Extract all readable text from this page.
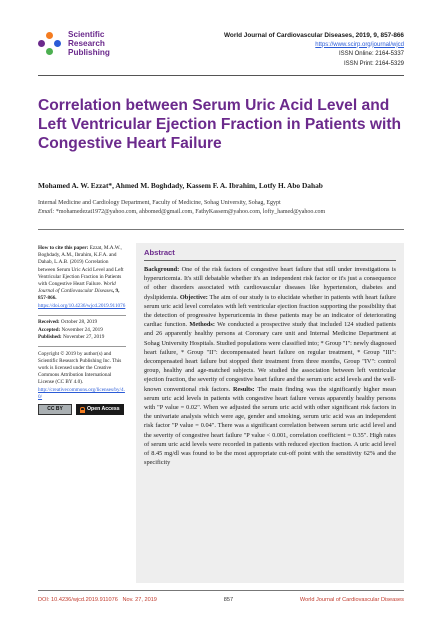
Scientific
Research
Publishing
World Journal of Cardiovascular Diseases, 2019, 9, 857-866
https://www.scirp.org/journal/wjcd
ISSN Online: 2164-5337
ISSN Print: 2164-5329
Correlation between Serum Uric Acid Level and Left Ventricular Ejection Fraction in Patients with Congestive Heart Failure
Mohamed A. W. Ezzat*, Ahmed M. Boghdady, Kassem F. A. Ibrahim, Lotfy H. Abo Dahab
Internal Medicine and Cardiology Department, Faculty of Medicine, Sohag University, Sohag, Egypt
Email: *mohamedezat1972@yahoo.com, ahbomed@gmail.com, FathyKassem@yahoo.com, lofty_hamed@yahoo.com
How to cite this paper: Ezzat, M.A.W., Boghdady, A.M., Ibrahim, K.F.A. and Dahab, L.A.B. (2019) Correlation between Serum Uric Acid Level and Left Ventricular Ejection Fraction in Patients with Congestive Heart Failure. World Journal of Cardiovascular Diseases, 9, 857-866.
https://doi.org/10.4236/wjcd.2019.911076
Received: October 28, 2019
Accepted: November 24, 2019
Published: November 27, 2019
Copyright © 2019 by author(s) and Scientific Research Publishing Inc. This work is licensed under the Creative Commons Attribution International License (CC BY 4.0).
http://creativecommons.org/licenses/by/4.0/
CC BY	Open Access
Abstract

Background: One of the risk factors of congestive heart failure that still under investigations is hyperuricemia. It's still debatable whether it's an independent risk factor or it's just a consequence of other disorders associated with cardiovascular diseases like hypertension, diabetes and dyslipidemia. Objective: The aim of our study is to elucidate whether in patients with heart failure serum uric acid level correlates with left ventricular ejection fraction supporting the possibility that the detection of progressive hyperuricemia in these patients may be an indicator of deteriorating cardiac function. Methods: We conducted a prospective study that included 124 studied patients and 26 apparently healthy persons at Coronary care unit and Internal Medicine Department at Sohag University Hospitals. Studied populations were classified into; * Group "I": newly diagnosed heart failure, * Group "II": decompensated heart failure on regular treatment, * Group "III": decompensated heart failure but stopped their treatment from three months, Group "IV": control group, healthy and age-matched subjects. We studied the association between left ventricular ejection fraction, the severity of congestive heart failure and the serum uric acid levels and the well-known conventional risk factors. Results: The main finding was the significantly higher mean serum uric acid levels in patients with congestive heart failure versus apparently healthy persons with "P value = 0.02". When we adjusted the serum uric acid with other significant risk factors in the univariate analysis which were age, gender and smoking, serum uric acid was an independent risk factor "P value = 0.04". There was a significant correlation between serum uric acid level and the severity of congestive heart failure "P value < 0.001, correlation coefficient = 0.35". High rates of serum uric acid levels were recorded in patients with reduced ejection fraction. A uric acid level of 8.45 mg/dl was found to be the most appropriate cut-off point with the sensitivity 62% and the specificity

DOI: 10.4236/wjcd.2019.911076 Nov. 27, 2019	857	World Journal of Cardiovascular Diseases
